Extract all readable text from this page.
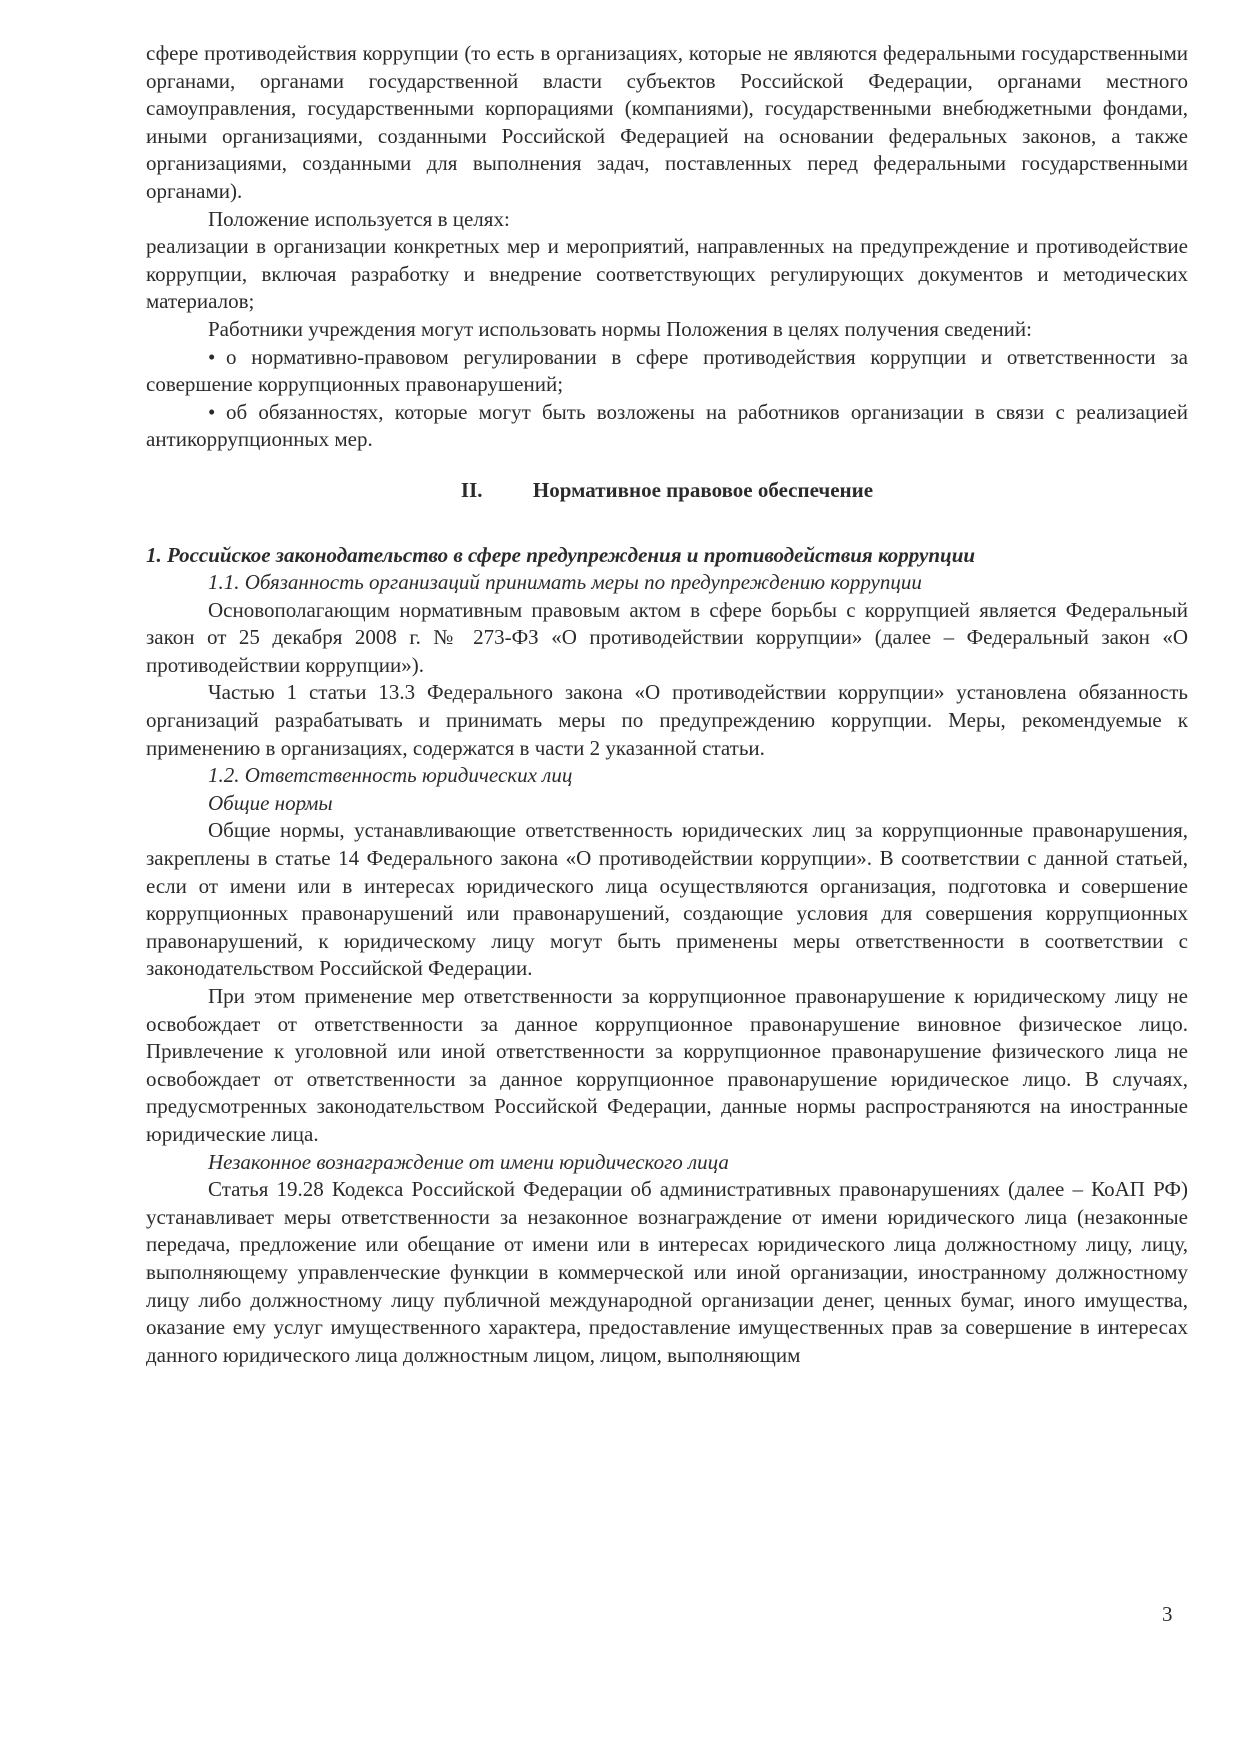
сфере противодействия коррупции (то есть в организациях, которые не являются федеральными государственными органами, органами государственной власти субъектов Российской Федерации, органами местного самоуправления, государственными корпорациями (компаниями), государственными внебюджетными фондами, иными организациями, созданными Российской Федерацией на основании федеральных законов, а также организациями, созданными для выполнения задач, поставленных перед федеральными государственными органами).

Положение используется в целях:

реализации в организации конкретных мер и мероприятий, направленных на предупреждение и противодействие коррупции, включая разработку и внедрение соответствующих регулирующих документов и методических материалов;

Работники учреждения могут использовать нормы Положения в целях получения сведений:

• о нормативно-правовом регулировании в сфере противодействия коррупции и ответственности за совершение коррупционных правонарушений;

• об обязанностях, которые могут быть возложены на работников организации в связи с реализацией антикоррупционных мер.

II. Нормативное правовое обеспечение

1. Российское законодательство в сфере предупреждения и противодействия коррупции

1.1. Обязанность организаций принимать меры по предупреждению коррупции

Основополагающим нормативным правовым актом в сфере борьбы с коррупцией является Федеральный закон от 25 декабря 2008 г. № 273-ФЗ «О противодействии коррупции» (далее – Федеральный закон «О противодействии коррупции»).

Частью 1 статьи 13.3 Федерального закона «О противодействии коррупции» установлена обязанность организаций разрабатывать и принимать меры по предупреждению коррупции. Меры, рекомендуемые к применению в организациях, содержатся в части 2 указанной статьи.

1.2. Ответственность юридических лиц

Общие нормы

Общие нормы, устанавливающие ответственность юридических лиц за коррупционные правонарушения, закреплены в статье 14 Федерального закона «О противодействии коррупции». В соответствии с данной статьей, если от имени или в интересах юридического лица осуществляются организация, подготовка и совершение коррупционных правонарушений или правонарушений, создающие условия для совершения коррупционных правонарушений, к юридическому лицу могут быть применены меры ответственности в соответствии с законодательством Российской Федерации.

При этом применение мер ответственности за коррупционное правонарушение к юридическому лицу не освобождает от ответственности за данное коррупционное правонарушение виновное физическое лицо. Привлечение к уголовной или иной ответственности за коррупционное правонарушение физического лица не освобождает от ответственности за данное коррупционное правонарушение юридическое лицо. В случаях, предусмотренных законодательством Российской Федерации, данные нормы распространяются на иностранные юридические лица.

Незаконное вознаграждение от имени юридического лица

Статья 19.28 Кодекса Российской Федерации об административных правонарушениях (далее – КоАП РФ) устанавливает меры ответственности за незаконное вознаграждение от имени юридического лица (незаконные передача, предложение или обещание от имени или в интересах юридического лица должностному лицу, лицу, выполняющему управленческие функции в коммерческой или иной организации, иностранному должностному лицу либо должностному лицу публичной международной организации денег, ценных бумаг, иного имущества, оказание ему услуг имущественного характера, предоставление имущественных прав за совершение в интересах данного юридического лица должностным лицом, лицом, выполняющим

3
